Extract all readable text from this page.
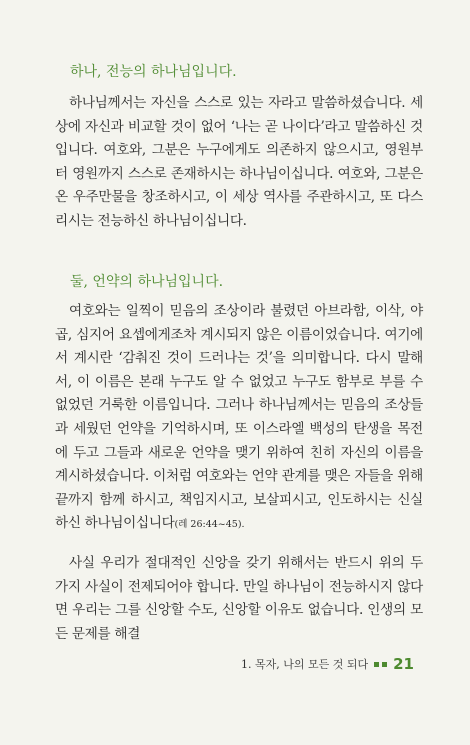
하나, 전능의 하나님입니다.

하나님께서는 자신을 스스로 있는 자라고 말씀하셨습니다. 세상에 자신과 비교할 것이 없어 ‘나는 곧 나이다’라고 말씀하신 것입니다. 여호와, 그분은 누구에게도 의존하지 않으시고, 영원부터 영원까지 스스로 존재하시는 하나님이십니다. 여호와, 그분은 온 우주만물을 창조하시고, 이 세상 역사를 주관하시고, 또 다스리시는 전능하신 하나님이십니다.

둘, 언약의 하나님입니다.

여호와는 일찍이 믿음의 조상이라 불렸던 아브라함, 이삭, 야곱, 심지어 요셉에게조차 계시되지 않은 이름이었습니다. 여기에서 계시란 ‘감춰진 것이 드러나는 것’을 의미합니다. 다시 말해서, 이 이름은 본래 누구도 알 수 없었고 누구도 함부로 부를 수 없었던 거룩한 이름입니다. 그러나 하나님께서는 믿음의 조상들과 세웠던 언약을 기억하시며, 또 이스라엘 백성의 탄생을 목전에 두고 그들과 새로운 언약을 맺기 위하여 친히 자신의 이름을 계시하셨습니다. 이처럼 여호와는 언약 관계를 맺은 자들을 위해 끝까지 함께 하시고, 책임지시고, 보살피시고, 인도하시는 신실하신 하나님이십니다(레 26:44~45).

사실 우리가 절대적인 신앙을 갖기 위해서는 반드시 위의 두 가지 사실이 전제되어야 합니다. 만일 하나님이 전능하시지 않다면 우리는 그를 신앙할 수도, 신앙할 이유도 없습니다. 인생의 모든 문제를 해결

1. 목자, 나의 모든 것 되다 21
